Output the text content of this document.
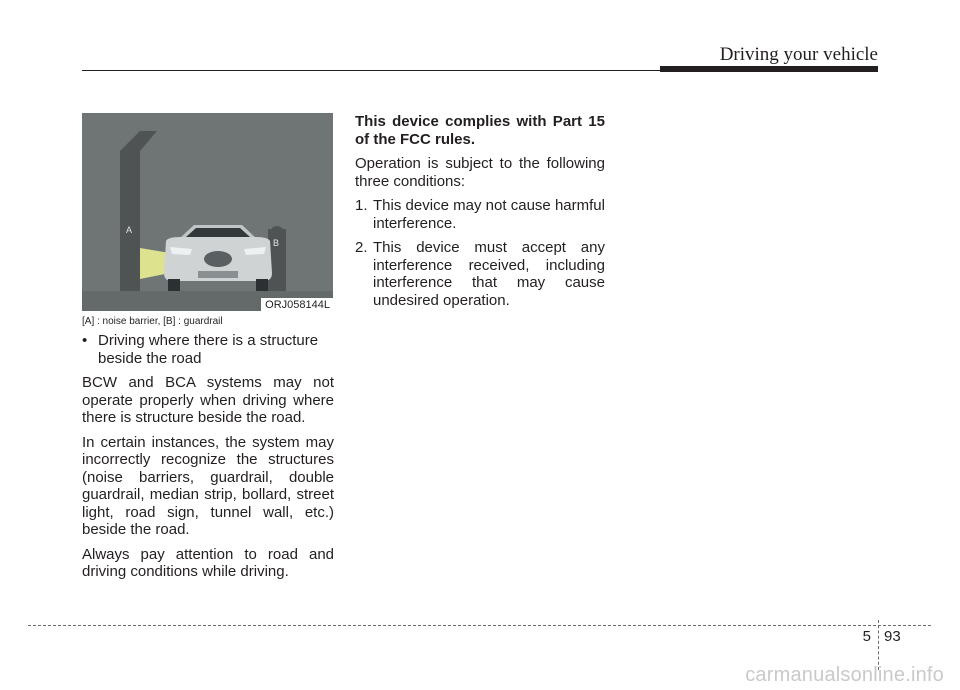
Driving your vehicle
A
B
ORJ058144L
[A] : noise barrier, [B] : guardrail
• Driving where there is a structure beside the road

BCW and BCA systems may not operate properly when driving where there is structure beside the road.

In certain instances, the system may incorrectly recognize the structures (noise barriers, guardrail, double guardrail, median strip, bollard, street light, road sign, tunnel wall, etc.) beside the road.

Always pay attention to road and driving conditions while driving.

This device complies with Part 15 of the FCC rules.

Operation is subject to the following three conditions:

1. This device may not cause harmful interference.
2. This device must accept any interference received, including interference that may cause undesired operation.
5 93
carmanualsonline.info
